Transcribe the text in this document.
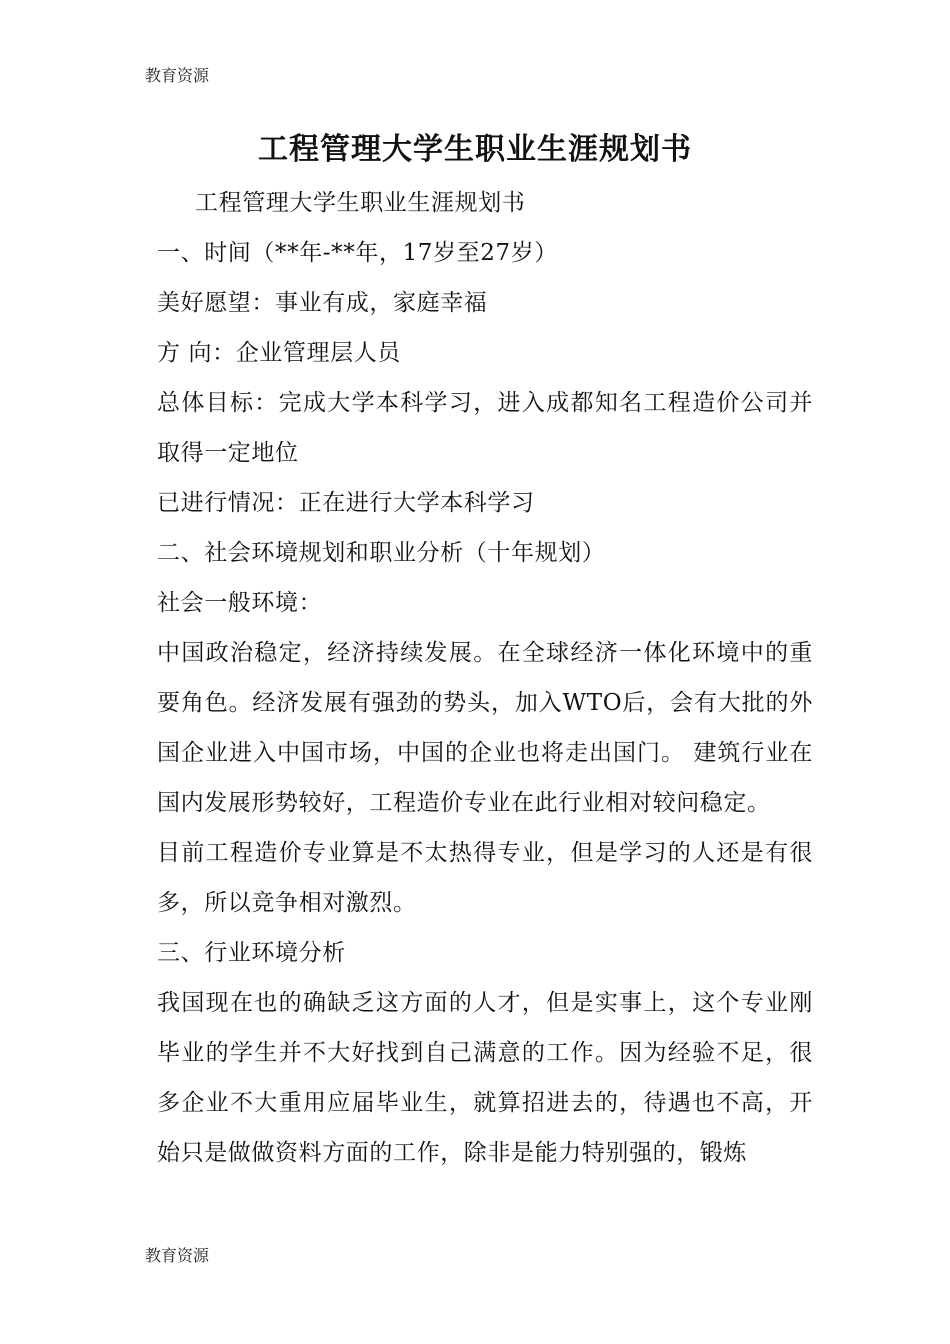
教育资源
工程管理大学生职业生涯规划书

工程管理大学生职业生涯规划书

一、时间（**年-**年，17岁至27岁）

美好愿望：事业有成，家庭幸福

方 向：企业管理层人员

总体目标：完成大学本科学习，进入成都知名工程造价公司并取得一定地位

已进行情况：正在进行大学本科学习

二、社会环境规划和职业分析（十年规划）

社会一般环境：

中国政治稳定，经济持续发展。在全球经济一体化环境中的重要角色。经济发展有强劲的势头，加入WTO后，会有大批的外国企业进入中国市场，中国的企业也将走出国门。 建筑行业在国内发展形势较好，工程造价专业在此行业相对较问稳定。

目前工程造价专业算是不太热得专业，但是学习的人还是有很多，所以竞争相对激烈。

三、行业环境分析

我国现在也的确缺乏这方面的人才，但是实事上，这个专业刚毕业的学生并不大好找到自己满意的工作。因为经验不足，很多企业不大重用应届毕业生，就算招进去的，待遇也不高，开始只是做做资料方面的工作，除非是能力特别强的，锻炼

教育资源
